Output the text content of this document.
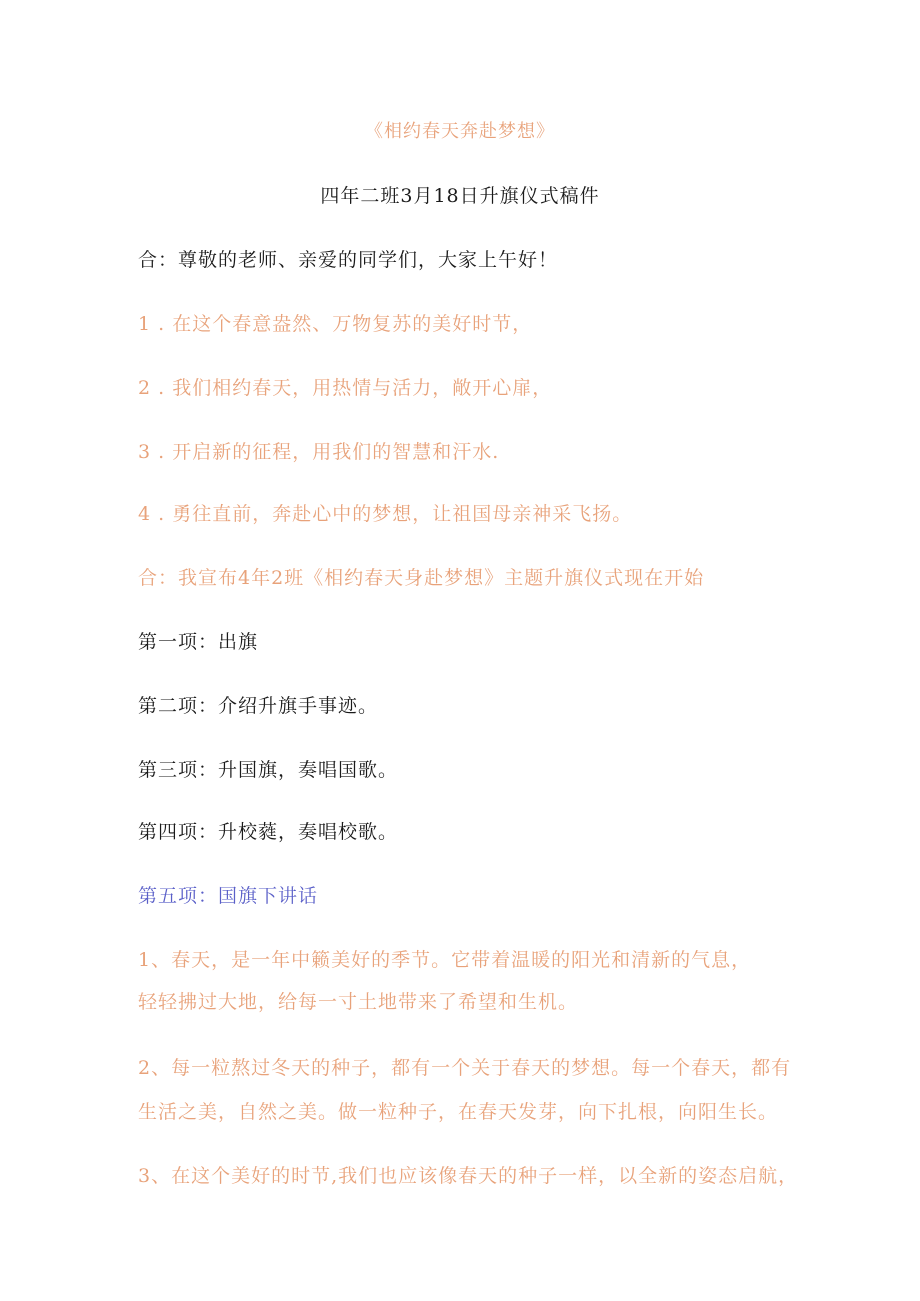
《相约春天奔赴梦想》
四年二班3月18日升旗仪式稿件
合：尊敬的老师、亲爱的同学们，大家上午好！
1 . 在这个春意盎然、万物复苏的美好时节，
2 . 我们相约春天，用热情与活力，敞开心扉，
3 . 开启新的征程，用我们的智慧和汗水.
4 . 勇往直前，奔赴心中的梦想，让祖国母亲神采飞扬。
合：我宣布4年2班《相约春天身赴梦想》主题升旗仪式现在开始
第一项：出旗
第二项：介绍升旗手事迹。
第三项：升国旗，奏唱国歌。
第四项：升校蕤，奏唱校歌。
第五项：国旗下讲话
1、春天，是一年中籁美好的季节。它带着温暖的阳光和清新的气息，
轻轻拂过大地，给每一寸土地带来了希望和生机。
2、每一粒熬过冬天的种子，都有一个关于春天的梦想。每一个春天，都有
生活之美，自然之美。做一粒种子，在春天发芽，向下扎根，向阳生长。
3、在这个美好的时节,我们也应该像春天的种子一样，以全新的姿态启航，
